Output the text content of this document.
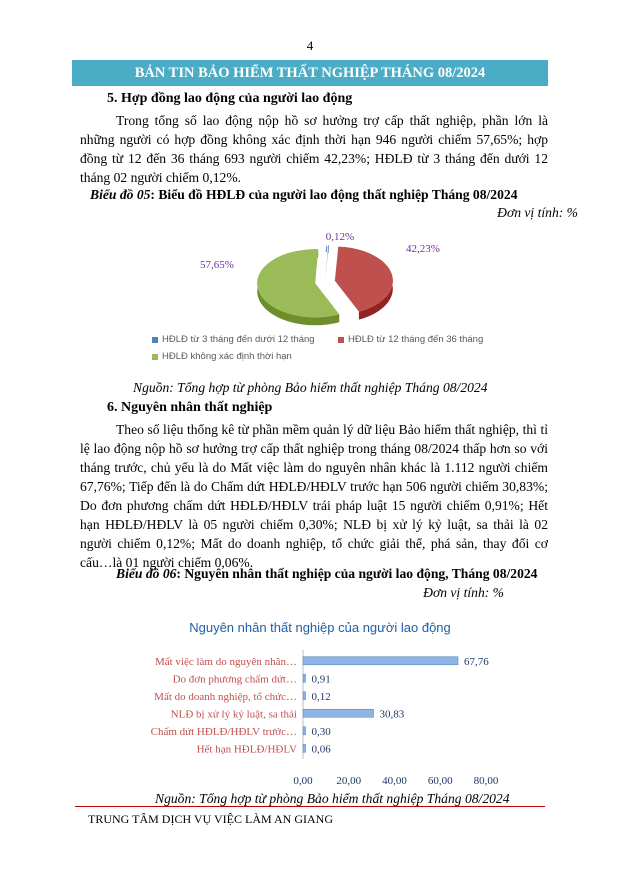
4
BẢN TIN BẢO HIỂM THẤT NGHIỆP THÁNG 08/2024
5. Hợp đồng lao động của người lao động

Trong tổng số lao động nộp hồ sơ hưởng trợ cấp thất nghiệp, phần lớn là những người có hợp đồng không xác định thời hạn 946 người chiếm 57,65%; hợp đồng từ 12 đến 36 tháng 693 người chiếm 42,23%; HĐLĐ từ 3 tháng đến dưới 12 tháng 02 người chiếm 0,12%.

Biểu đồ 05: Biểu đồ HĐLĐ của người lao động thất nghiệp Tháng 08/2024
Đơn vị tính: %
0,12%
42,23%
57,65%
HĐLĐ từ 3 tháng đến dưới 12 tháng	HĐLĐ từ 12 tháng đến 36 tháng
HĐLĐ không xác định thời hạn
Nguồn: Tổng hợp từ phòng Bảo hiểm thất nghiệp Tháng 08/2024
6. Nguyên nhân thất nghiệp

Theo số liệu thống kê từ phần mềm quản lý dữ liệu Bảo hiểm thất nghiệp, thì tỉ lệ lao động nộp hồ sơ hưởng trợ cấp thất nghiệp trong tháng 08/2024 thấp hơn so với tháng trước, chủ yếu là do Mất việc làm do nguyên nhân khác là 1.112 người chiếm 67,76%; Tiếp đến là do Chấm dứt HĐLĐ/HĐLV trước hạn 506 người chiếm 30,83%; Do đơn phương chấm dứt HĐLĐ/HĐLV trái pháp luật 15 người chiếm 0,91%; Hết hạn HĐLĐ/HĐLV là 05 người chiếm 0,30%; NLĐ bị xử lý kỷ luật, sa thải là 02 người chiếm 0,12%; Mất do doanh nghiệp, tổ chức giải thể, phá sản, thay đổi cơ cấu…là 01 người chiếm 0,06%.

Biểu đồ 06: Nguyên nhân thất nghiệp của người lao động, Tháng 08/2024
Đơn vị tính: %
Nguyên nhân thất nghiệp của người lao động
Mất việc làm do nguyên nhân…	67,76
Do đơn phương chấm dứt… 0,91
Mất do doanh nghiệp, tổ chức… 0,12
NLĐ bị xử lý kỷ luật, sa thải	30,83
Chấm dứt HĐLĐ/HĐLV trước… 0,30
Hết hạn HĐLĐ/HĐLV 0,06
0,00 20,00 40,00 60,00 80,00
Nguồn: Tổng hợp từ phòng Bảo hiểm thất nghiệp Tháng 08/2024
TRUNG TÂM DỊCH VỤ VIỆC LÀM AN GIANG
